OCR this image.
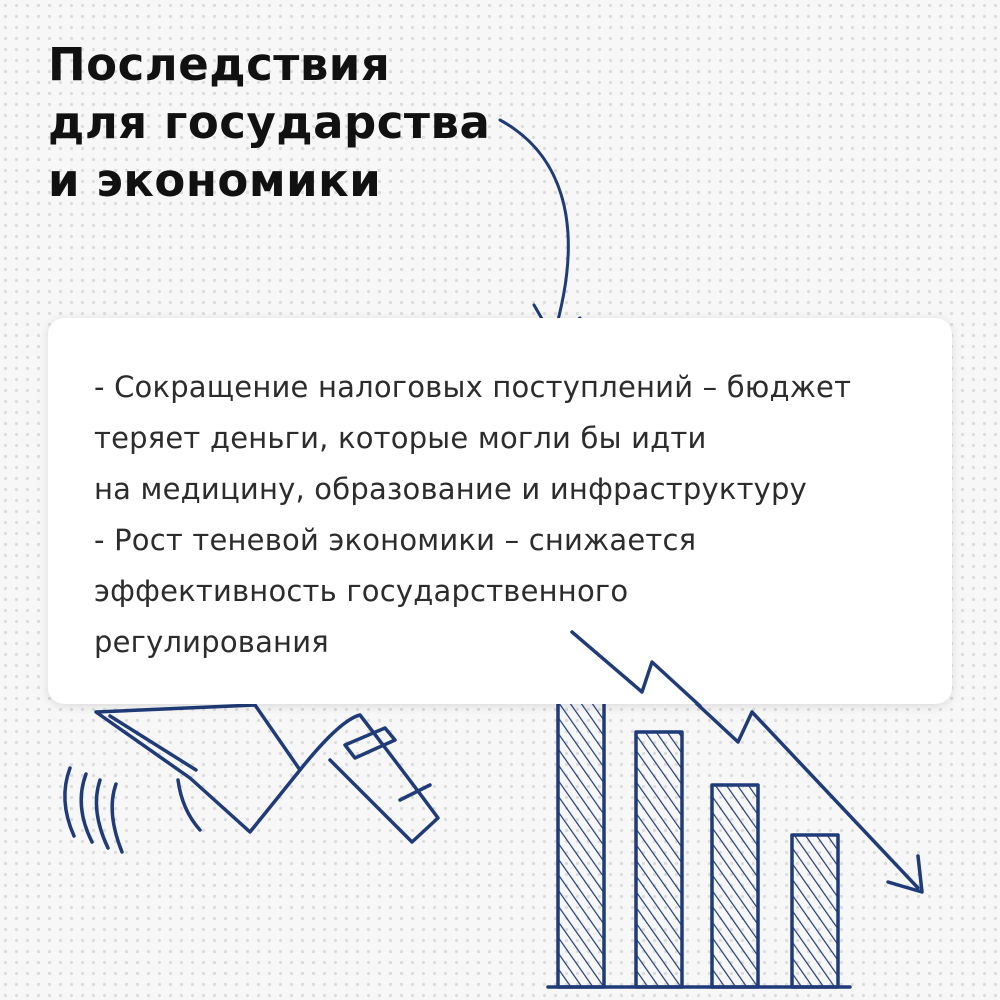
Последствия
для государства
и экономики
- Сокращение налоговых поступлений – бюджет
теряет деньги, которые могли бы идти
на медицину, образование и инфраструктуру
- Рост теневой экономики – снижается
эффективность государственного
регулирования
